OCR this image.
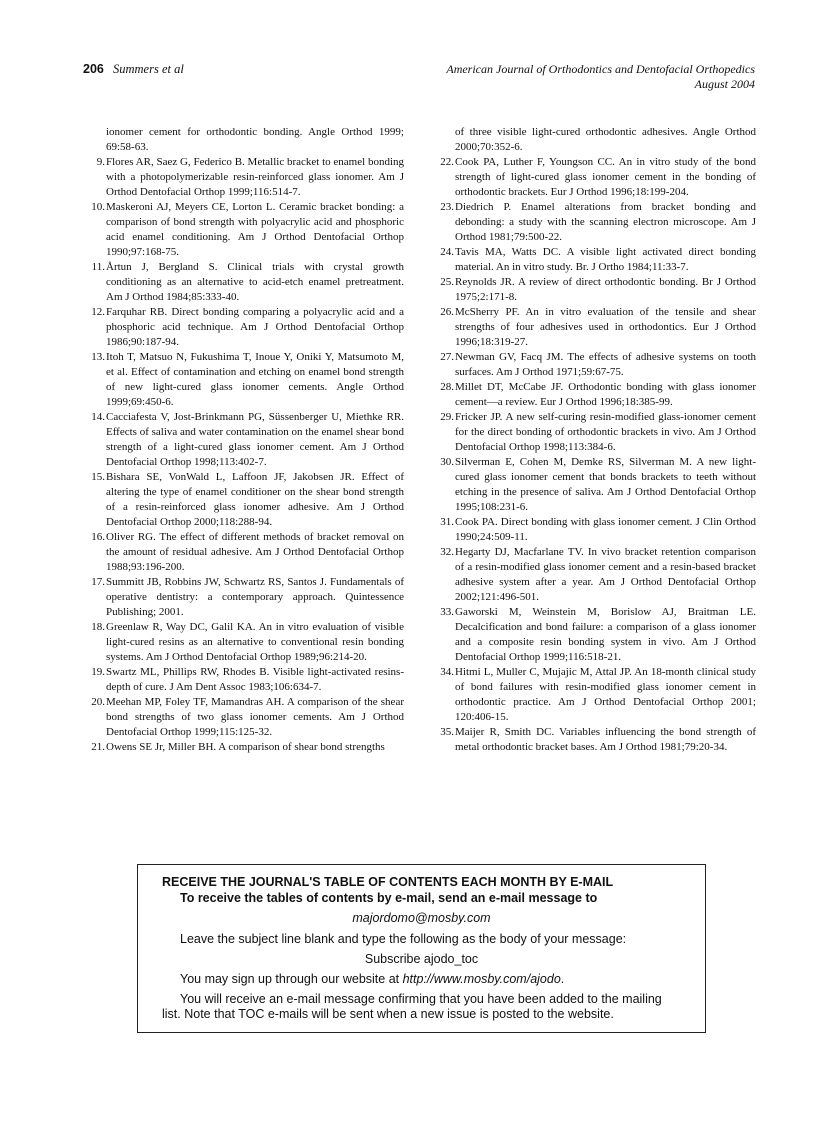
206 Summers et al	American Journal of Orthodontics and Dentofacial Orthopedics
August 2004
ionomer cement for orthodontic bonding. Angle Orthod 1999; 69:58-63.
9. Flores AR, Saez G, Federico B. Metallic bracket to enamel bonding with a photopolymerizable resin-reinforced glass ionomer. Am J Orthod Dentofacial Orthop 1999;116:514-7.
10. Maskeroni AJ, Meyers CE, Lorton L. Ceramic bracket bonding: a comparison of bond strength with polyacrylic acid and phosphoric acid enamel conditioning. Am J Orthod Dentofacial Orthop 1990;97:168-75.
11. Årtun J, Bergland S. Clinical trials with crystal growth conditioning as an alternative to acid-etch enamel pretreatment. Am J Orthod 1984;85:333-40.
12. Farquhar RB. Direct bonding comparing a polyacrylic acid and a phosphoric acid technique. Am J Orthod Dentofacial Orthop 1986;90:187-94.
13. Itoh T, Matsuo N, Fukushima T, Inoue Y, Oniki Y, Matsumoto M, et al. Effect of contamination and etching on enamel bond strength of new light-cured glass ionomer cements. Angle Orthod 1999;69:450-6.
14. Cacciafesta V, Jost-Brinkmann PG, Süssenberger U, Miethke RR. Effects of saliva and water contamination on the enamel shear bond strength of a light-cured glass ionomer cement. Am J Orthod Dentofacial Orthop 1998;113:402-7.
15. Bishara SE, VonWald L, Laffoon JF, Jakobsen JR. Effect of altering the type of enamel conditioner on the shear bond strength of a resin-reinforced glass ionomer adhesive. Am J Orthod Dentofacial Orthop 2000;118:288-94.
16. Oliver RG. The effect of different methods of bracket removal on the amount of residual adhesive. Am J Orthod Dentofacial Orthop 1988;93:196-200.
17. Summitt JB, Robbins JW, Schwartz RS, Santos J. Fundamentals of operative dentistry: a contemporary approach. Quintessence Publishing; 2001.
18. Greenlaw R, Way DC, Galil KA. An in vitro evaluation of visible light-cured resins as an alternative to conventional resin bonding systems. Am J Orthod Dentofacial Orthop 1989;96:214-20.
19. Swartz ML, Phillips RW, Rhodes B. Visible light-activated resins-depth of cure. J Am Dent Assoc 1983;106:634-7.
20. Meehan MP, Foley TF, Mamandras AH. A comparison of the shear bond strengths of two glass ionomer cements. Am J Orthod Dentofacial Orthop 1999;115:125-32.
21. Owens SE Jr, Miller BH. A comparison of shear bond strengths
of three visible light-cured orthodontic adhesives. Angle Orthod 2000;70:352-6.
22. Cook PA, Luther F, Youngson CC. An in vitro study of the bond strength of light-cured glass ionomer cement in the bonding of orthodontic brackets. Eur J Orthod 1996;18:199-204.
23. Diedrich P. Enamel alterations from bracket bonding and debonding: a study with the scanning electron microscope. Am J Orthod 1981;79:500-22.
24. Tavis MA, Watts DC. A visible light activated direct bonding material. An in vitro study. Br. J Ortho 1984;11:33-7.
25. Reynolds JR. A review of direct orthodontic bonding. Br J Orthod 1975;2:171-8.
26. McSherry PF. An in vitro evaluation of the tensile and shear strengths of four adhesives used in orthodontics. Eur J Orthod 1996;18:319-27.
27. Newman GV, Facq JM. The effects of adhesive systems on tooth surfaces. Am J Orthod 1971;59:67-75.
28. Millet DT, McCabe JF. Orthodontic bonding with glass ionomer cement—a review. Eur J Orthod 1996;18:385-99.
29. Fricker JP. A new self-curing resin-modified glass-ionomer cement for the direct bonding of orthodontic brackets in vivo. Am J Orthod Dentofacial Orthop 1998;113:384-6.
30. Silverman E, Cohen M, Demke RS, Silverman M. A new light-cured glass ionomer cement that bonds brackets to teeth without etching in the presence of saliva. Am J Orthod Dentofacial Orthop 1995;108:231-6.
31. Cook PA. Direct bonding with glass ionomer cement. J Clin Orthod 1990;24:509-11.
32. Hegarty DJ, Macfarlane TV. In vivo bracket retention comparison of a resin-modified glass ionomer cement and a resin-based bracket adhesive system after a year. Am J Orthod Dentofacial Orthop 2002;121:496-501.
33. Gaworski M, Weinstein M, Borislow AJ, Braitman LE. Decalcification and bond failure: a comparison of a glass ionomer and a composite resin bonding system in vivo. Am J Orthod Dentofacial Orthop 1999;116:518-21.
34. Hitmi L, Muller C, Mujajic M, Attal JP. An 18-month clinical study of bond failures with resin-modified glass ionomer cement in orthodontic practice. Am J Orthod Dentofacial Orthop 2001; 120:406-15.
35. Maijer R, Smith DC. Variables influencing the bond strength of metal orthodontic bracket bases. Am J Orthod 1981;79:20-34.
RECEIVE THE JOURNAL'S TABLE OF CONTENTS EACH MONTH BY E-MAIL
To receive the tables of contents by e-mail, send an e-mail message to
majordomo@mosby.com
Leave the subject line blank and type the following as the body of your message:
Subscribe ajodo_toc
You may sign up through our website at http://www.mosby.com/ajodo.
You will receive an e-mail message confirming that you have been added to the mailing
list. Note that TOC e-mails will be sent when a new issue is posted to the website.
